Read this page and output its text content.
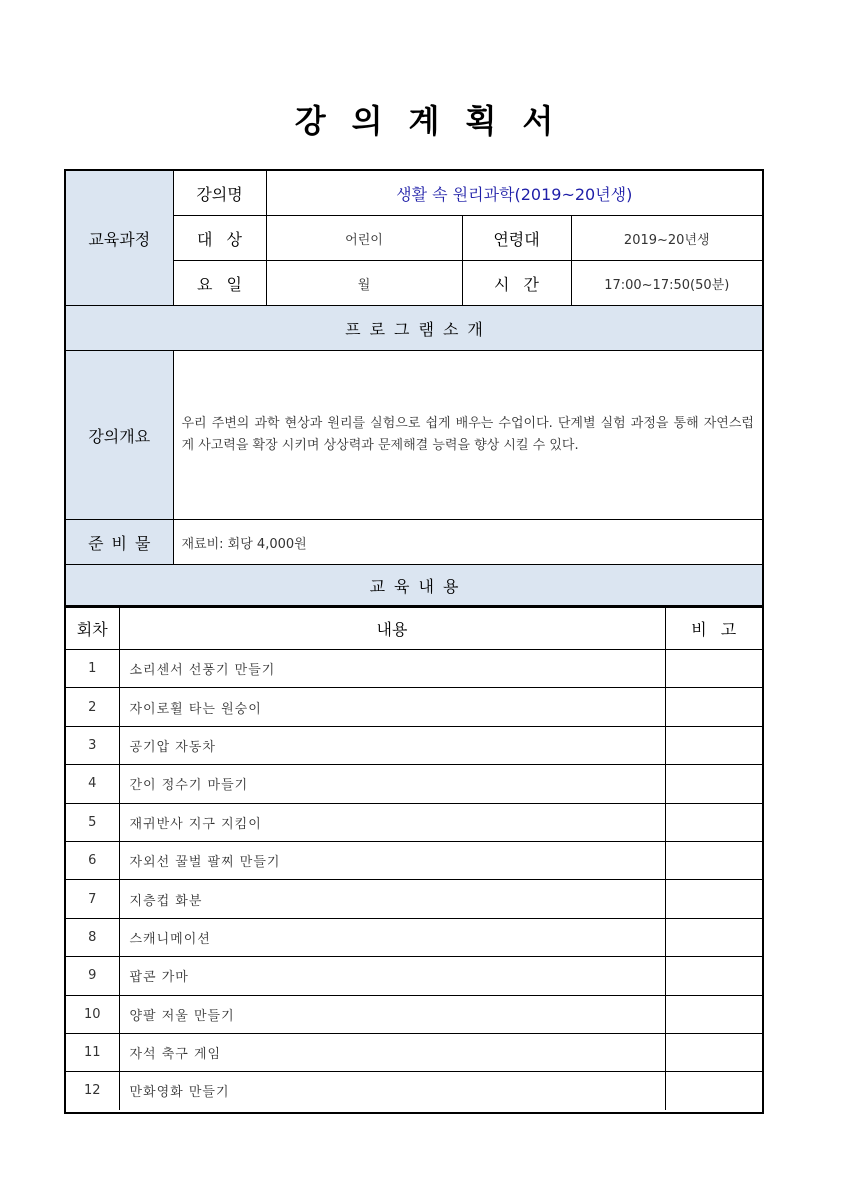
강의계획서
교육과정	강의명	생활 속 원리과학(2019~20년생)		
	대상	어린이	연령대	2019~20년생
	요일	월	시간	17:00~17:50(50분)
프로그램소개				
강의개요	우리 주변의 과학 현상과 원리를 실험으로 쉽게 배우는 수업이다. 단계별 실험 과정을 통해 자연스럽게 사고력을 확장 시키며 상상력과 문제해결 능력을 향상 시킬 수 있다.			
준비물	재료비: 회당 4,000원			
교육내용				
회차	내용	비고
1	소리센서 선풍기 만들기	
2	자이로휠 타는 원숭이	
3	공기압 자동차	
4	간이 정수기 마들기	
5	재귀반사 지구 지킴이	
6	자외선 꿀벌 팔찌 만들기	
7	지층컵 화분	
8	스캐니메이션	
9	팝콘 가마	
10	양팔 저울 만들기	
11	자석 축구 게임	
12	만화영화 만들기	
